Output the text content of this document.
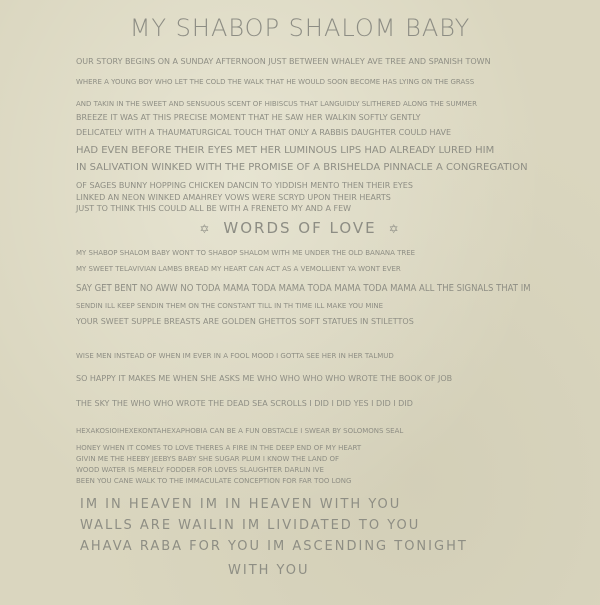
MY SHABOP SHALOM BABY
OUR STORY BEGINS ON A SUNDAY AFTERNOON JUST BETWEEN WHALEY AVE TREE AND SPANISH TOWN
WHERE A YOUNG BOY WHO LET THE COLD THE WALK THAT HE WOULD SOON BECOME HAS LYING ON THE GRASS
AND TAKIN IN THE SWEET AND SENSUOUS SCENT OF HIBISCUS THAT LANGUIDLY SLITHERED ALONG THE SUMMER
BREEZE IT WAS AT THIS PRECISE MOMENT THAT HE SAW HER WALKIN SOFTLY GENTLY
DELICATELY WITH A THAUMATURGICAL TOUCH THAT ONLY A RABBIS DAUGHTER COULD HAVE
HAD EVEN BEFORE THEIR EYES MET HER LUMINOUS LIPS HAD ALREADY LURED HIM
IN SALIVATION WINKED WITH THE PROMISE OF A BRISHELDA PINNACLE A CONGREGATION
OF SAGES BUNNY HOPPING CHICKEN DANCIN TO YIDDISH MENTO THEN THEIR EYES
LINKED AN NEON WINKED AMAHREY VOWS WERE SCRYD UPON THEIR HEARTS
JUST TO THINK THIS COULD ALL BE WITH A FRENETO MY AND A FEW
✡ WORDS OF LOVE ✡
MY SHABOP SHALOM BABY WONT TO SHABOP SHALOM WITH ME UNDER THE OLD BANANA TREE
MY SWEET TELAVIVIAN LAMBS BREAD MY HEART CAN ACT AS A VEMOLLIENT YA WONT EVER
SAY GET BENT NO AWW NO TODA MAMA TODA MAMA TODA MAMA TODA MAMA ALL THE SIGNALS THAT IM
SENDIN ILL KEEP SENDIN THEM ON THE CONSTANT TILL IN TH TIME ILL MAKE YOU MINE
YOUR SWEET SUPPLE BREASTS ARE GOLDEN GHETTOS SOFT STATUES IN STILETTOS
WISE MEN INSTEAD OF WHEN IM EVER IN A FOOL MOOD I GOTTA SEE HER IN HER TALMUD
SO HAPPY IT MAKES ME WHEN SHE ASKS ME WHO WHO WHO WHO WROTE THE BOOK OF JOB
THE SKY THE WHO WHO WROTE THE DEAD SEA SCROLLS I DID I DID YES I DID I DID
HEXAKOSIOIHEXEKONTAHEXAPHOBIA CAN BE A FUN OBSTACLE I SWEAR BY SOLOMONS SEAL
HONEY WHEN IT COMES TO LOVE THERES A FIRE IN THE DEEP END OF MY HEART
GIVIN ME THE HEEBY JEEBYS BABY SHE SUGAR PLUM I KNOW THE LAND OF
WOOD WATER IS MERELY FODDER FOR LOVES SLAUGHTER DARLIN IVE
BEEN YOU CANE WALK TO THE IMMACULATE CONCEPTION FOR FAR TOO LONG
IM IN HEAVEN IM IN HEAVEN WITH YOU
WALLS ARE WAILIN IM LIVIDATED TO YOU
AHAVA RABA FOR YOU IM ASCENDING TONIGHT
WITH YOU
